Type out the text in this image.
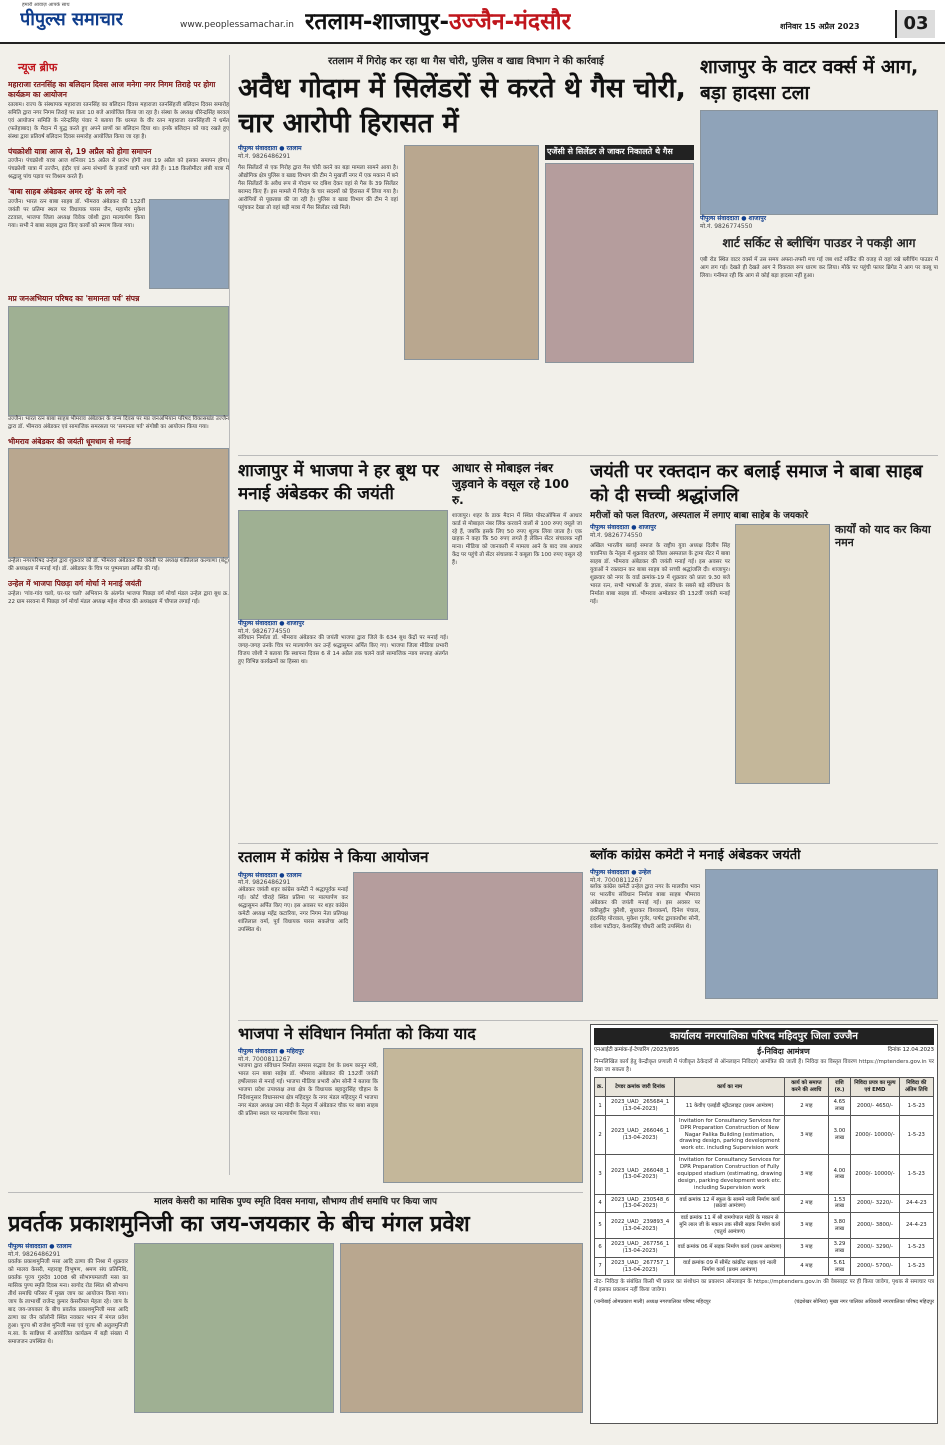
हमारी आवाज़ आपके साथ
पीपुल्स समाचार	www.peoplessamachar.in रतलाम-शाजापुर-उज्जैन-मंदसौर	शनिवार 15 अप्रैल 2023	03
न्यूज ब्रीफ
महाराजा रतनसिंह का बलिदान दिवस आज मनेगा नगर निगम तिराहे पर होगा कार्यक्रम का आयोजन
रतलाम। राज्य के संस्थापक महाराजा रतनसिंह का बलिदान दिवस महाराजा रतनसिंहजी बलिदान दिवस समारोह समिति द्वारा नगर निगम तिराहे पर प्रातः 10 बजे आयोजित किया जा रहा है। संस्था के अध्यक्ष धीरेन्द्रसिंह बरवल एवं आयोजन समिति के नरेन्द्रसिंह पंवार ने बताया कि धरमत के वीर रतन महाराजा रतनसिंहजी ने धर्मत (फतेहाबाद) के मैदान में युद्ध करते हुए अपने प्राणों का बलिदान दिया था। इनके बलिदान को याद रखते हुए संस्था द्वारा प्रतिवर्ष बलिदान दिवस समारोह आयोजित किया जा रहा है।
पंचक्रोशी यात्रा आज से, 19 अप्रैल को होगा समापन
उज्जैन। पंचक्रोशी यात्रा आज शनिवार 15 अप्रैल से प्रारंभ होगी तथा 19 अप्रैल को इसका समापन होगा। पंचक्रोशी यात्रा में उज्जैन, इंदौर एवं अन्य संभागों के हजारों यात्री भाग लेते हैं। 118 किलोमीटर लंबी यात्रा में श्रद्धालु पांच पड़ाव पर विश्राम करते हैं।
'बाबा साहब अंबेडकर अमर रहे' के लगे नारे
उज्जैन। भारत रत्न बाबा साहब डॉ. भीमराव अंबेडकर की 132वीं जयंती पर प्रतिमा स्थल पर विधायक पारस जैन, महापौर मुकेश टटवाल, भाजपा जिला अध्यक्ष विवेक जोशी द्वारा माल्यार्पण किया गया। सभी ने बाबा साहब द्वारा किए कार्यों को स्मरण किया गया।
मप्र जनअभियान परिषद का 'समानता पर्व' संपन्न
उज्जैन। भारत रत्न बाबा साहब भीमराव अंबेडकर के जन्म दिवस पर मप्र जनअभियान परिषद विकासखंड उज्जैन द्वारा डॉ. भीमराव अंबेडकर एवं सामाजिक समरसता पर 'समानता पर्व' संगोष्ठी का आयोजन किया गया।
भीमराव अंबेडकर की जयंती धूमधाम से मनाई
उन्हेल। नगरपरिषद उन्हेल द्वारा शुक्रवार को डॉ. भीमराव अंबेडकर की जयंती पर अध्यक्ष शांतिलाल कल्याणा (बंटू) की अध्यक्षता में मनाई गई। डॉ. अंबेडकर के चित्र पर पुष्पमाला अर्पित की गई।
उन्हेल में भाजपा पिछड़ा वर्ग मोर्चा ने मनाई जयंती
उन्हेल। 'गांव-गांव चलो, घर-घर चलो' अभियान के अंतर्गत भाजपा पिछड़ा वर्ग मोर्चा मंडल उन्हेल द्वारा बूथ क्र. 22 ग्राम सरवना में पिछड़ा वर्ग मोर्चा मंडल अध्यक्ष महेश यौगरा की अध्यक्षता में चौपाल लगाई गई।
रतलाम में गिरोह कर रहा था गैस चोरी, पुलिस व खाद्य विभाग ने की कार्रवाई
अवैध गोदाम में सिलेंडरों से करते थे गैस चोरी, चार आरोपी हिरासत में
पीपुल्स संवाददाता ● रतलाम
मो.नं. 9826486291
गैस सिलेंडरों से एक गिरोह द्वारा गैस चोरी करने का बड़ा मामला सामने आया है। औद्योगिक क्षेत्र पुलिस व खाद्य विभाग की टीम ने मुखर्जी नगर में एक मकान में बने गैस सिलेंडरों के अवैध रूप से गोदाम पर दबिश देकर वहां से गैस के 39 सिलेंडर बरामद किए हैं। इस मामले में गिरोह के चार सदस्यों को हिरासत में लिया गया है। आरोपियों से पूछताछ की जा रही है। पुलिस व खाद्य विभाग की टीम ने वहां पहुंचकर देखा तो वहां बड़ी मात्रा में गैस सिलेंडर रखे मिले।
एजेंसी से सिलेंडर ले जाकर निकालते थे गैस
शाजापुर के वाटर वर्क्स में आग, बड़ा हादसा टला
पीपुल्स संवाददाता ● शाजापुर
मो.नं. 9826774550
शार्ट सर्किट से ब्लीचिंग पाउडर ने पकड़ी आग
एबी रोड स्थित वाटर वर्क्स में उस समय अफरा-तफरी मच गई जब शार्ट सर्किट की वजह से वहां रखे ब्लीचिंग पाउडर में आग लग गई। देखते ही देखते आग ने विकराल रूप धारण कर लिया। मौके पर पहुंची फायर ब्रिगेड ने आग पर काबू पा लिया। गनीमत रही कि आग से कोई बड़ा हादसा नहीं हुआ।
शाजापुर में भाजपा ने हर बूथ पर मनाई अंबेडकर की जयंती
पीपुल्स संवाददाता ● शाजापुर
मो.नं. 9826774550
संविधान निर्माता डॉ. भीमराव अंबेडकर की जयंती भाजपा द्वारा जिले के 634 बूथ केंद्रों पर मनाई गई। जगह-जगह उनके चित्र पर माल्यार्पण कर उन्हें श्रद्धासुमन अर्पित किए गए। भाजपा जिला मीडिया प्रभारी विजय जोशी ने बताया कि स्थापना दिवस 6 से 14 अप्रैल तक चलने वाले सामाजिक न्याय सप्ताह अंतर्गत हुए विभिन्न कार्यक्रमों का हिस्सा था।
आधार से मोबाइल नंबर जुड़वाने के वसूल रहे 100 रु.
शाजापुर। शहर के डाक मैदान में स्थित पोस्टऑफिस में आधार कार्ड से मोबाइल नंबर लिंक करवाने वालों से 100 रुपए वसूले जा रहे हैं, जबकि इसके लिए 50 रुपए शुल्क लिया जाता है। एक ग्राहक ने कहा कि 50 रुपए लगते हैं लेकिन सेंटर संचालक नहीं माना। मीडिया को जानकारी में मामला आने के बाद जब आधार केंद्र पर पहुंचे तो सेंटर संचालक ने कबूला कि 100 रुपए वसूल रहे हैं।
जयंती पर रक्तदान कर बलाई समाज ने बाबा साहब को दी सच्ची श्रद्धांजलि
मरीजों को फल वितरण, अस्पताल में लगाए बाबा साहेब के जयकारे
पीपुल्स संवाददाता ● शाजापुर
मो.नं. 9826774550
अखिल भारतीय बलाई समाज के राष्ट्रीय युवा अध्यक्ष दिलीप सिंह चावनिया के नेतृत्व में शुक्रवार को जिला अस्पताल के ट्रामा सेंटर में बाबा साहब डॉ. भीमराव अंबेडकर की जयंती मनाई गई। इस अवसर पर युवाओं ने रक्तदान कर बाबा साहब को सच्ची श्रद्धांजलि दी। शाजापुर। शुक्रवार को नगर के वार्ड क्रमांक-19 में शुक्रवार को प्रातः 9.30 बजे भारत रत्न, सभी भाषाओं के ज्ञाता, संसार के सबसे बड़े संविधान के निर्माता बाबा साहब डॉ. भीमराव अम्बेडकर की 132वीं जयंती मनाई गई।
कार्यों को याद कर किया नमन
रतलाम में कांग्रेस ने किया आयोजन
पीपुल्स संवाददाता ● रतलाम
मो.नं. 9826486291
अंबेडकर जयंती शहर कांग्रेस कमेटी ने श्रद्धापूर्वक मनाई गई। कोर्ट चौराहे स्थित प्रतिमा पर माल्यार्पण कर श्रद्धासुमन अर्पित किए गए। इस अवसर पर शहर कांग्रेस कमेटी अध्यक्ष महेंद्र कटारिया, नगर निगम नेता प्रतिपक्ष शांतिलाल वर्मा, पूर्व विधायक पारस सकलेचा आदि उपस्थित थे।
ब्लॉक कांग्रेस कमेटी ने मनाई अंबेडकर जयंती
पीपुल्स संवाददाता ● उन्हेल
मो.नं. 7000811267
ब्लॉक कांग्रेस कमेटी उन्हेल द्वारा नगर के मालवीय भवन पर भारतीय संविधान निर्माता बाबा साहब भीमराव अंबेडकर की जयंती मनाई गई। इस अवसर पर वकीलुद्दीन कुरैशी, सुधाकर विश्वकर्मा, दिनेश पंचाल, इंदरसिंह पोरवाल, मुकेश गुर्जर, पार्षद द्वारकाधीश सोनी, राकेश पाटीदार, केशरसिंह चौधरी आदि उपस्थित थे।
भाजपा ने संविधान निर्माता को किया याद
पीपुल्स संवाददाता ● महिदपुर
मो.नं. 7000811267
भाजपा द्वारा संविधान निर्माता समरस सद्भाव देश के प्रथम कानून मंत्री, भारत रत्न बाबा साहेब डॉ. भीमराव अंबेडकर की 132वीं जयंती हर्षोल्लास से मनाई गई। भाजपा मीडिया प्रभारी ओम सोनी ने बताया कि भाजपा प्रदेश उपाध्यक्ष तथा क्षेत्र के विधायक बहादुरसिंह चौहान के निर्देशानुसार विधानसभा क्षेत्र महिदपुर के नगर मंडल महिदपुर में भाजपा नगर मंडल अध्यक्ष उमा मोदी के नेतृत्व में अंबेडकर चौक पर बाबा साहब की प्रतिमा स्थल पर माल्यार्पण किया गया।
कार्यालय नगरपालिका परिषद महिदपुर जिला उज्जैन
एनआईटी क्रमांक-ई-टेण्डरिंग /2023/895	ई-निविदा आमंत्रण	दिनांक 12.04.2023
निम्नलिखित कार्य हेतु केन्द्रीकृत प्रणाली में पंजीकृत ठेकेदारों से ऑनलाइन निविदाएं आमंत्रित की जाती हैं। निविदा का विस्तृत विवरण https://mptenders.gov.in पर देखा जा सकता है।
क्र.	टेण्डर क्रमांक जारी दिनांक	कार्य का नाम	कार्य को समाप्त करने की अवधि	राशि (रु.)	निविदा प्रपत्र का मूल्य एवं EMD	निविदा की अंतिम तिथि
1	2023_UAD_ 265684_1 (13-04-2023)	11 केवीए एलईडी स्ट्रीटलाइट (प्रथम आमंत्रण)	2 माह	4.65 लाख	2000/- 4650/-	1-5-23
2	2023_UAD_ 266046_1 (13-04-2023)	Invitation for Consultancy Services for DPR Preparation Construction of New Nagar Palika Building (estimation, drawing design, parking development work etc. including Supervision work	3 माह	3.00 लाख	2000/- 10000/-	1-5-23
3	2023_UAD_ 266048_1 (13-04-2023)	Invitation for Consultancy Services for DPR Preparation Construction of Fully equipped stadium (estimating, drawing design, parking development work etc. including Supervision work	3 माह	4.00 लाख	2000/- 10000/-	1-5-23
4	2023_UAD_ 230548_6 (13-04-2023)	वार्ड क्रमांक 12 में स्कूल के सामने नाली निर्माण कार्य (छठवां आमंत्रण)	2 माह	1.53 लाख	2000/- 3220/-	24-4-23
5	2022_UAD_ 239893_4 (13-04-2023)	वार्ड क्रमांक 11 में श्री रामगोपाल मंडोरे के मकान से मुनि लाल जी के मकान तक सीसी सड़क निर्माण कार्य (चतुर्थ आमंत्रण)	3 माह	3.80 लाख	2000/- 3800/-	24-4-23
6	2023_UAD_ 267756_1 (13-04-2023)	वार्ड क्रमांक 06 में सड़क निर्माण कार्य (प्रथम आमंत्रण)	3 माह	3.29 लाख	2000/- 3290/-	1-5-23
7	2023_UAD_ 267757_1 (13-04-2023)	वार्ड क्रमांक 09 में सीमेंट कांक्रीट सड़क एवं नाली निर्माण कार्य (प्रथम आमंत्रण)	4 माह	5.61 लाख	2000/- 5700/-	1-5-23
नोट- निविदा के संबंधित किसी भी प्रकार का संशोधन का प्रकाशन ऑनलाइन के https://mptenders.gov.in की वेबसाइट पर ही किया जावेगा, पृथक से समाचार पत्र में इसका प्रकाशन नहीं किया जावेगा।
(नानीबाई ओमप्रकाश माली) अध्यक्ष नगरपालिका परिषद महिदपुर	(चंद्रशेखर सोनिया) मुख्य नगर पालिका अधिकारी नगरपालिका परिषद महिदपुर
मालव केसरी का मासिक पुण्य स्मृति दिवस मनाया, सौभाग्य तीर्थ समाधि पर किया जाप
प्रवर्तक प्रकाशमुनिजी का जय-जयकार के बीच मंगल प्रवेश
पीपुल्स संवाददाता ● रतलाम
मो.नं. 9826486291
प्रवर्तक प्रकाशमुनिजी मसा आदि ठाणा की निश्रा में शुक्रवार को मालव केसरी, महाराष्ट्र विभूषण, श्रमण संघ प्रतिनिधि, प्रवर्तक पूज्य गुरुदेव 1008 श्री सौभाग्यमलजी मसा का मासिक पुण्य स्मृति दिवस मना। सागोद रोड स्थित श्री सौभाग्य तीर्थ समाधि परिसर में मुख्य जाप का आयोजन किया गया। जाप के लाभार्थी राजेन्द्र कुमार केसरीमल मेहता रहे। जाप के बाद जय-जयकार के बीच प्रवर्तक प्रकाशमुनिजी मसा आदि ठाणा का जैन कॉलोनी स्थित नवकार भवन में मंगल प्रवेश हुआ। पूज्य श्री राजेश मुनिजी मसा एवं पूज्य श्री अतुलमुनिजी म.सा. के सान्निध्य में आयोजित कार्यक्रम में बड़ी संख्या में समाजजन उपस्थित थे।
